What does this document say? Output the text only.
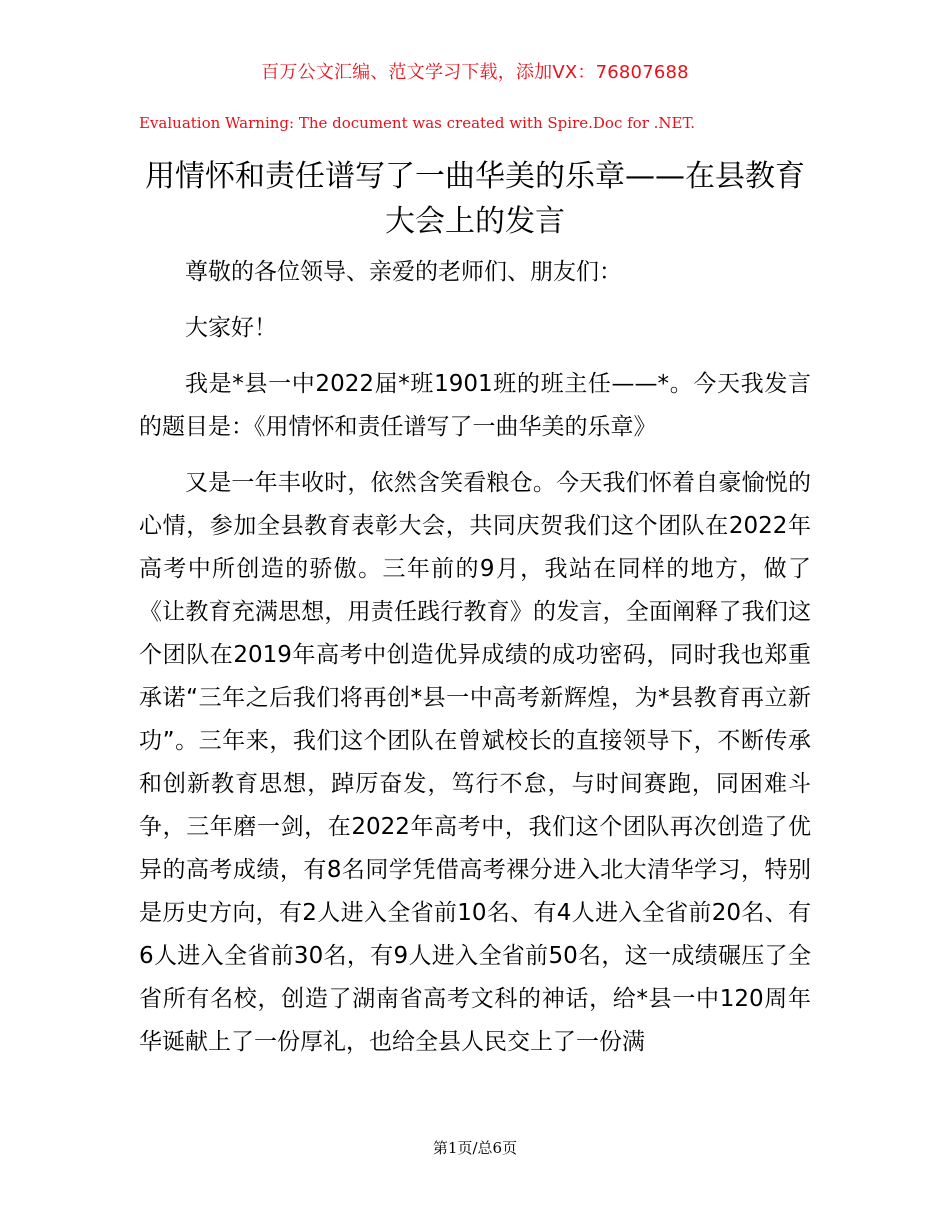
百万公文汇编、范文学习下载，添加VX：76807688
Evaluation Warning: The document was created with Spire.Doc for .NET.
用情怀和责任谱写了一曲华美的乐章——在县教育大会上的发言

尊敬的各位领导、亲爱的老师们、朋友们：

大家好！

我是*县一中2022届*班1901班的班主任——*。今天我发言的题目是：《用情怀和责任谱写了一曲华美的乐章》

又是一年丰收时，依然含笑看粮仓。今天我们怀着自豪愉悦的心情，参加全县教育表彰大会，共同庆贺我们这个团队在2022年高考中所创造的骄傲。三年前的9月，我站在同样的地方，做了《让教育充满思想，用责任践行教育》的发言，全面阐释了我们这个团队在2019年高考中创造优异成绩的成功密码，同时我也郑重承诺“三年之后我们将再创*县一中高考新辉煌，为*县教育再立新功”。三年来，我们这个团队在曾斌校长的直接领导下，不断传承和创新教育思想，踔厉奋发，笃行不怠，与时间赛跑，同困难斗争，三年磨一剑，在2022年高考中，我们这个团队再次创造了优异的高考成绩，有8名同学凭借高考裸分进入北大清华学习，特别是历史方向，有2人进入全省前10名、有4人进入全省前20名、有6人进入全省前30名，有9人进入全省前50名，这一成绩碾压了全省所有名校，创造了湖南省高考文科的神话，给*县一中120周年华诞献上了一份厚礼，也给全县人民交上了一份满

第1页/总6页
